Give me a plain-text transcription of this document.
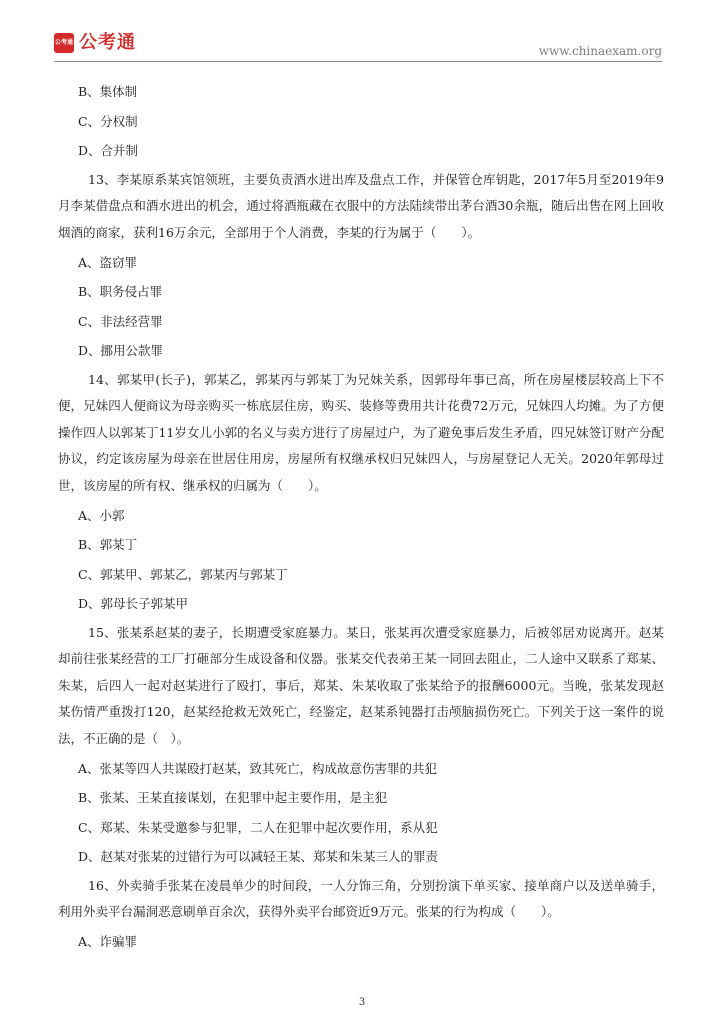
公考通 公考通	www.chinaexam.org

B、集体制

C、分权制

D、合并制

13、李某原系某宾馆领班，主要负责酒水进出库及盘点工作，并保管仓库钥匙，2017年5月至2019年9月李某借盘点和酒水进出的机会，通过将酒瓶藏在衣服中的方法陆续带出茅台酒30余瓶，随后出售在网上回收烟酒的商家，获利16万余元，全部用于个人消费，李某的行为属于（　　）。

A、盗窃罪

B、职务侵占罪

C、非法经营罪

D、挪用公款罪

14、郭某甲(长子)，郭某乙，郭某丙与郭某丁为兄妹关系，因郭母年事已高，所在房屋楼层较高上下不便，兄妹四人便商议为母亲购买一栋底层住房，购买、装修等费用共计花费72万元，兄妹四人均摊。为了方便操作四人以郭某丁11岁女儿小郭的名义与卖方进行了房屋过户，为了避免事后发生矛盾，四兄妹签订财产分配协议，约定该房屋为母亲在世居住用房，房屋所有权继承权归兄妹四人，与房屋登记人无关。2020年郭母过世，该房屋的所有权、继承权的归属为（　　）。

A、小郭

B、郭某丁

C、郭某甲、郭某乙，郭某丙与郭某丁

D、郭母长子郭某甲

15、张某系赵某的妻子，长期遭受家庭暴力。某日，张某再次遭受家庭暴力，后被邻居劝说离开。赵某却前往张某经营的工厂打砸部分生成设备和仪器。张某交代表弟王某一同回去阻止，二人途中又联系了郑某、朱某，后四人一起对赵某进行了殴打，事后，郑某、朱某收取了张某给予的报酬6000元。当晚，张某发现赵某伤情严重拨打120，赵某经抢救无效死亡，经鉴定，赵某系钝器打击颅脑损伤死亡。下列关于这一案件的说法，不正确的是（　）。

A、张某等四人共谋殴打赵某，致其死亡，构成故意伤害罪的共犯

B、张某、王某直接谋划，在犯罪中起主要作用，是主犯

C、郑某、朱某受邀参与犯罪，二人在犯罪中起次要作用，系从犯

D、赵某对张某的过错行为可以减轻王某、郑某和朱某三人的罪责

16、外卖骑手张某在凌晨单少的时间段，一人分饰三角，分别扮演下单买家、接单商户以及送单骑手，利用外卖平台漏洞恶意刷单百余次，获得外卖平台邮资近9万元。张某的行为构成（　　）。

A、诈骗罪

3
